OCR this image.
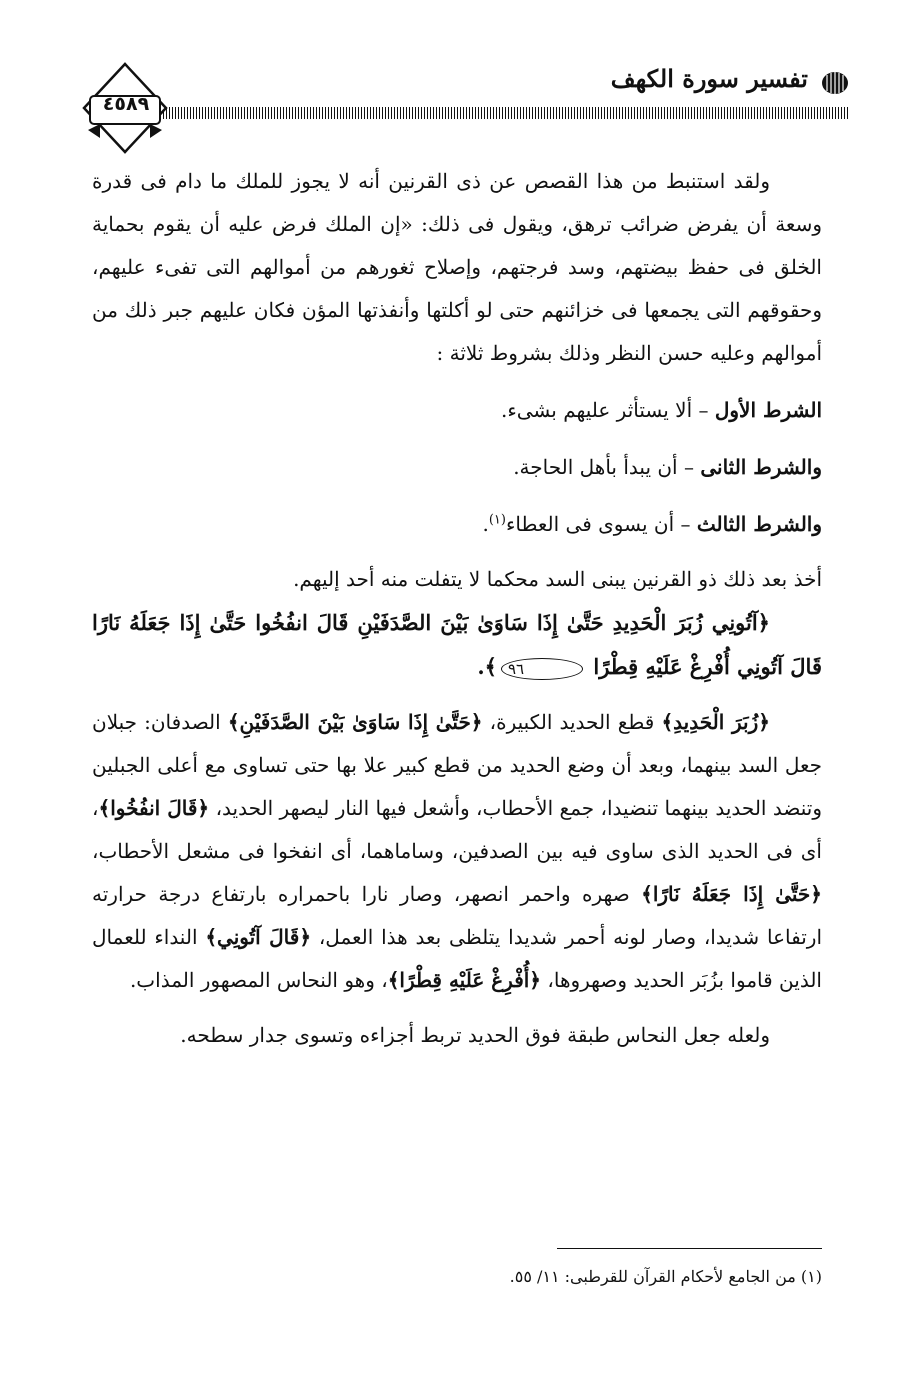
تفسير سورة الكهف
٤٥٨٩

ولقد استنبط من هذا القصص عن ذى القرنين أنه لا يجوز للملك ما دام فى قدرة وسعة أن يفرض ضرائب ترهق، ويقول فى ذلك: «إن الملك فرض عليه أن يقوم بحماية الخلق فى حفظ بيضتهم، وسد فرجتهم، وإصلاح ثغورهم من أموالهم التى تفىء عليهم، وحقوقهم التى يجمعها فى خزائنهم حتى لو أكلتها وأنفذتها المؤن فكان عليهم جبر ذلك من أموالهم وعليه حسن النظر وذلك بشروط ثلاثة :

الشرط الأول – ألا يستأثر عليهم بشىء.

والشرط الثانى – أن يبدأ بأهل الحاجة.

والشرط الثالث – أن يسوى فى العطاء$^{(١)}$.

أخذ بعد ذلك ذو القرنين يبنى السد محكما لا يتفلت منه أحد إليهم.

﴿آتُونِي زُبَرَ الْحَدِيدِ حَتَّىٰ إِذَا سَاوَىٰ بَيْنَ الصَّدَفَيْنِ قَالَ انفُخُوا حَتَّىٰ إِذَا جَعَلَهُ نَارًا قَالَ آتُونِي أُفْرِغْ عَلَيْهِ قِطْرًا ٩٦﴾.

﴿زُبَرَ الْحَدِيدِ﴾ قطع الحديد الكبيرة، ﴿حَتَّىٰ إِذَا سَاوَىٰ بَيْنَ الصَّدَفَيْنِ﴾ الصدفان: جبلان جعل السد بينهما، وبعد أن وضع الحديد من قطع كبير علا بها حتى تساوى مع أعلى الجبلين وتنضد الحديد بينهما تنضيدا، جمع الأحطاب، وأشعل فيها النار ليصهر الحديد، ﴿قَالَ انفُخُوا﴾، أى فى الحديد الذى ساوى فيه بين الصدفين، وساماهما، أى انفخوا فى مشعل الأحطاب، ﴿حَتَّىٰ إِذَا جَعَلَهُ نَارًا﴾ صهره واحمر انصهر، وصار نارا باحمراره بارتفاع درجة حرارته ارتفاعا شديدا، وصار لونه أحمر شديدا يتلظى بعد هذا العمل، ﴿قَالَ آتُونِي﴾ النداء للعمال الذين قاموا بزُبَر الحديد وصهروها، ﴿أُفْرِغْ عَلَيْهِ قِطْرًا﴾، وهو النحاس المصهور المذاب.

ولعله جعل النحاس طبقة فوق الحديد تربط أجزاءه وتسوى جدار سطحه.

(١) من الجامع لأحكام القرآن للقرطبى: ١١/ ٥٥.
